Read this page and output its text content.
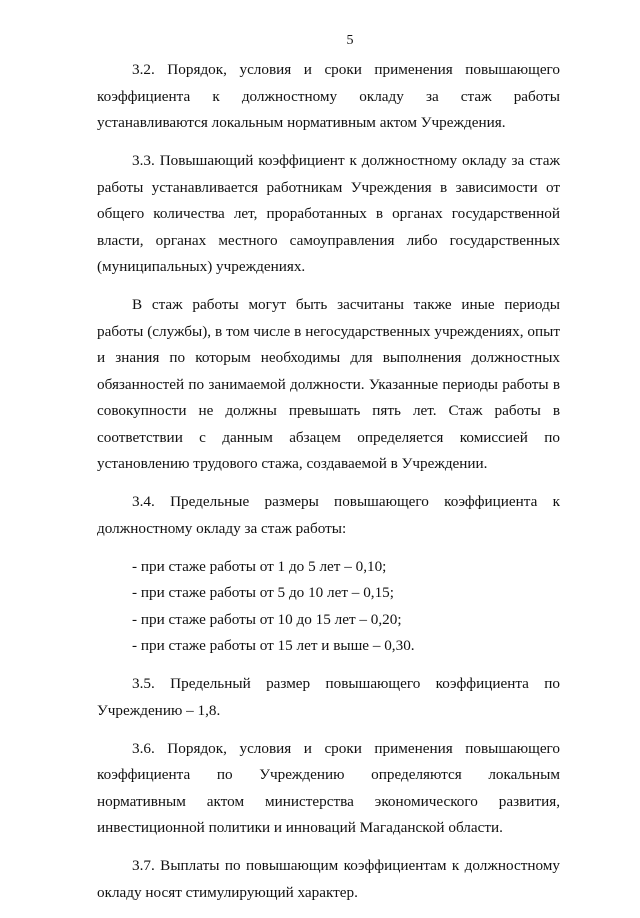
5

3.2. Порядок, условия и сроки применения повышающего коэффициента к должностному окладу за стаж работы устанавливаются локальным нормативным актом Учреждения.

3.3. Повышающий коэффициент к должностному окладу за стаж работы устанавливается работникам Учреждения в зависимости от общего количества лет, проработанных в органах государственной власти, органах местного самоуправления либо государственных (муниципальных) учреждениях.

В стаж работы могут быть засчитаны также иные периоды работы (службы), в том числе в негосударственных учреждениях, опыт и знания по которым необходимы для выполнения должностных обязанностей по занимаемой должности. Указанные периоды работы в совокупности не должны превышать пять лет. Стаж работы в соответствии с данным абзацем определяется комиссией по установлению трудового стажа, создаваемой в Учреждении.

3.4. Предельные размеры повышающего коэффициента к должностному окладу за стаж работы:

- при стаже работы от 1 до 5 лет – 0,10;

- при стаже работы от 5 до 10 лет – 0,15;

- при стаже работы от 10 до 15 лет – 0,20;

- при стаже работы от 15 лет и выше – 0,30.

3.5. Предельный размер повышающего коэффициента по Учреждению – 1,8.

3.6. Порядок, условия и сроки применения повышающего коэффициента по Учреждению определяются локальным нормативным актом министерства экономического развития, инвестиционной политики и инноваций Магаданской области.

3.7. Выплаты по повышающим коэффициентам к должностному окладу носят стимулирующий характер.
